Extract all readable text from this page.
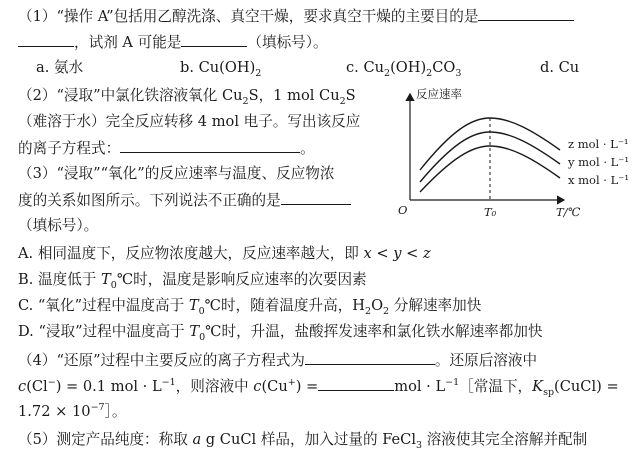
（1）“操作 A”包括用乙醇洗涤、真空干燥，要求真空干燥的主要目的是
，试剂 A 可能是	（填标号）。
a. 氨水	b. $Cu(OH)_2$	c. $Cu_2(OH)_2CO_3$	d. Cu
（2）“浸取”中氯化铁溶液氧化 $Cu_2S$，1 mol $Cu_2S$
（难溶于水）完全反应转移 4 mol 电子。写出该反应
的离子方程式：	。
（3）“浸取”“氧化”的反应速率与温度、反应物浓
度的关系如图所示。下列说法不正确的是
（填标号）。
A. 相同温度下，反应物浓度越大，反应速率越大，即 x < y < z
B. 温度低于 $T_0℃$时，温度是影响反应速率的次要因素
C. “氧化”过程中温度高于 $T_0℃$时，随着温度升高，$H_2O_2$ 分解速率加快
D. “浸取”过程中温度高于 $T_0℃$时，升温，盐酸挥发速率和氯化铁水解速率都加快
（4）“还原”过程中主要反应的离子方程式为	。还原后溶液中
c(Cl−) = 0.1 mol · $L^{-1}$，则溶液中 c(Cu+) =	mol · $L^{-1}[$常温下，$K_{sp}(CuCl)$ =
$1.72 \times 10^{-7}]$。
（5）测定产品纯度：称取 a g CuCl 样品，加入过量的 FeCl$_3$ 溶液使其完全溶解并配制
反应速率
O	T₀	T/℃
z mol · L⁻¹
y mol · L⁻¹
x mol · L⁻¹
